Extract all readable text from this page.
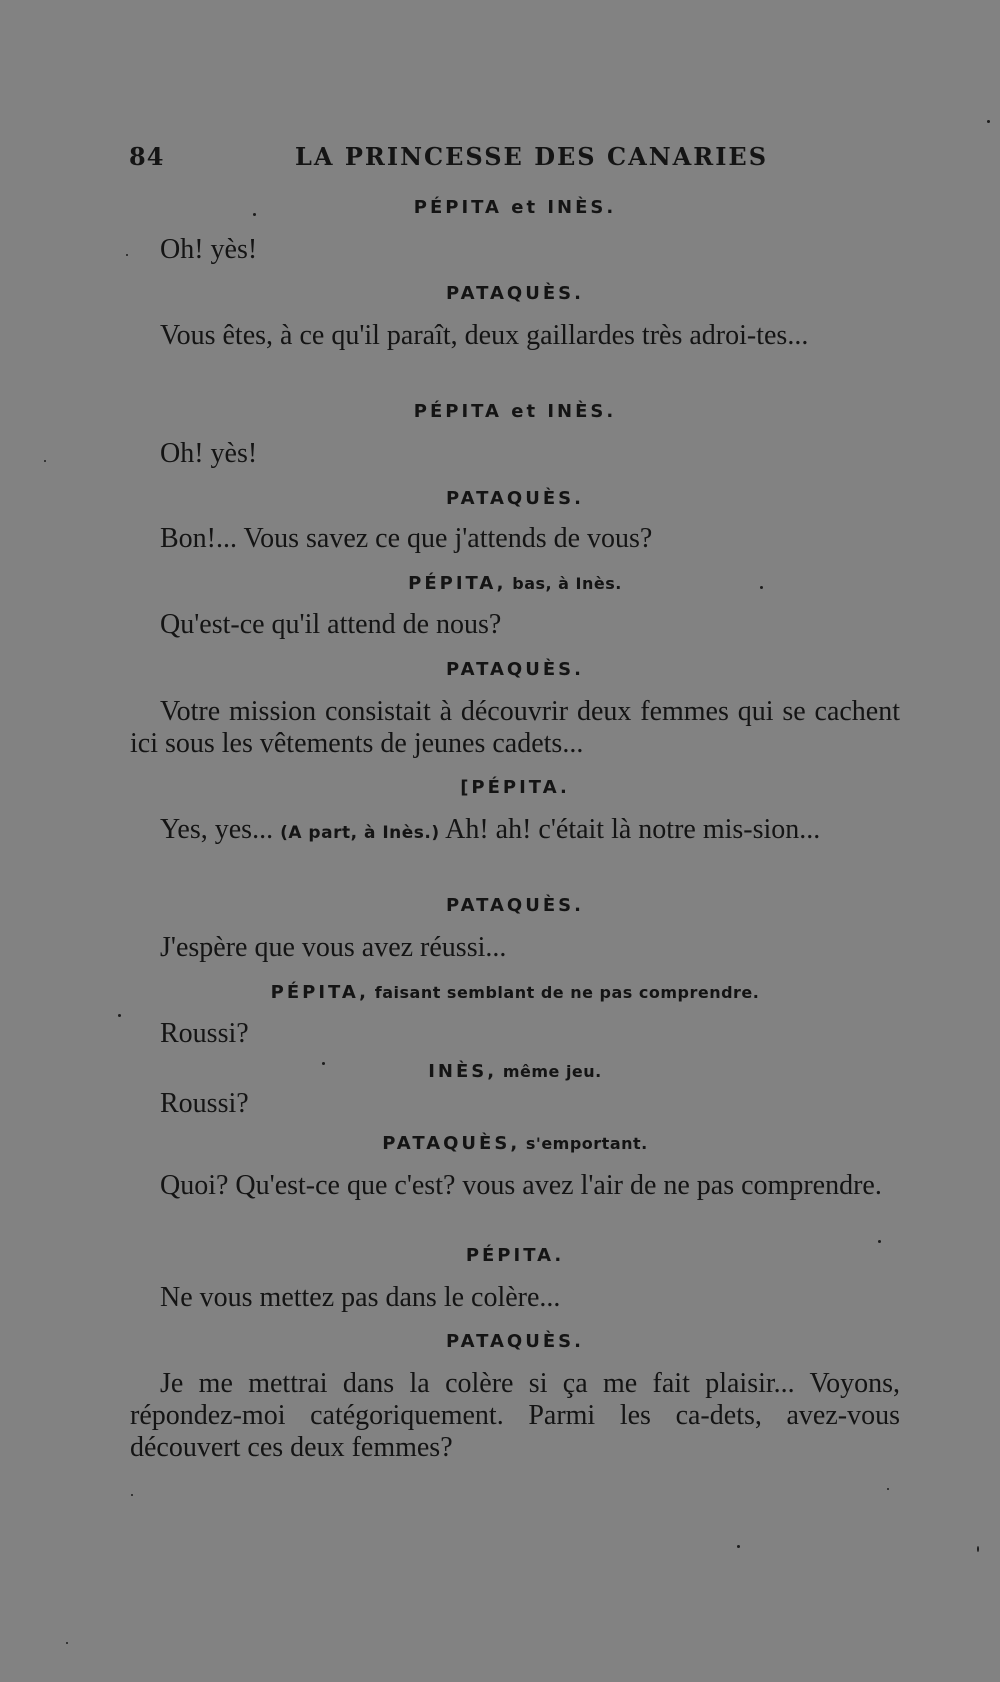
84	LA PRINCESSE DES CANARIES
PÉPITA et INÈS.

Oh! yès!

PATAQUÈS.

Vous êtes, à ce qu'il paraît, deux gaillardes très adroi-tes...

PÉPITA et INÈS.

Oh! yès!

PATAQUÈS.

Bon!... Vous savez ce que j'attends de vous?

PÉPITA, bas, à Inès.

Qu'est-ce qu'il attend de nous?

PATAQUÈS.

Votre mission consistait à découvrir deux femmes qui se cachent ici sous les vêtements de jeunes cadets...

[PÉPITA.

Yes, yes... (A part, à Inès.) Ah! ah! c'était là notre mis-sion...

PATAQUÈS.

J'espère que vous avez réussi...

PÉPITA, faisant semblant de ne pas comprendre.

Roussi?

INÈS, même jeu.

Roussi?

PATAQUÈS, s'emportant.

Quoi? Qu'est-ce que c'est? vous avez l'air de ne pas comprendre.

PÉPITA.

Ne vous mettez pas dans le colère...

PATAQUÈS.

Je me mettrai dans la colère si ça me fait plaisir... Voyons, répondez-moi catégoriquement. Parmi les ca-dets, avez-vous découvert ces deux femmes?
